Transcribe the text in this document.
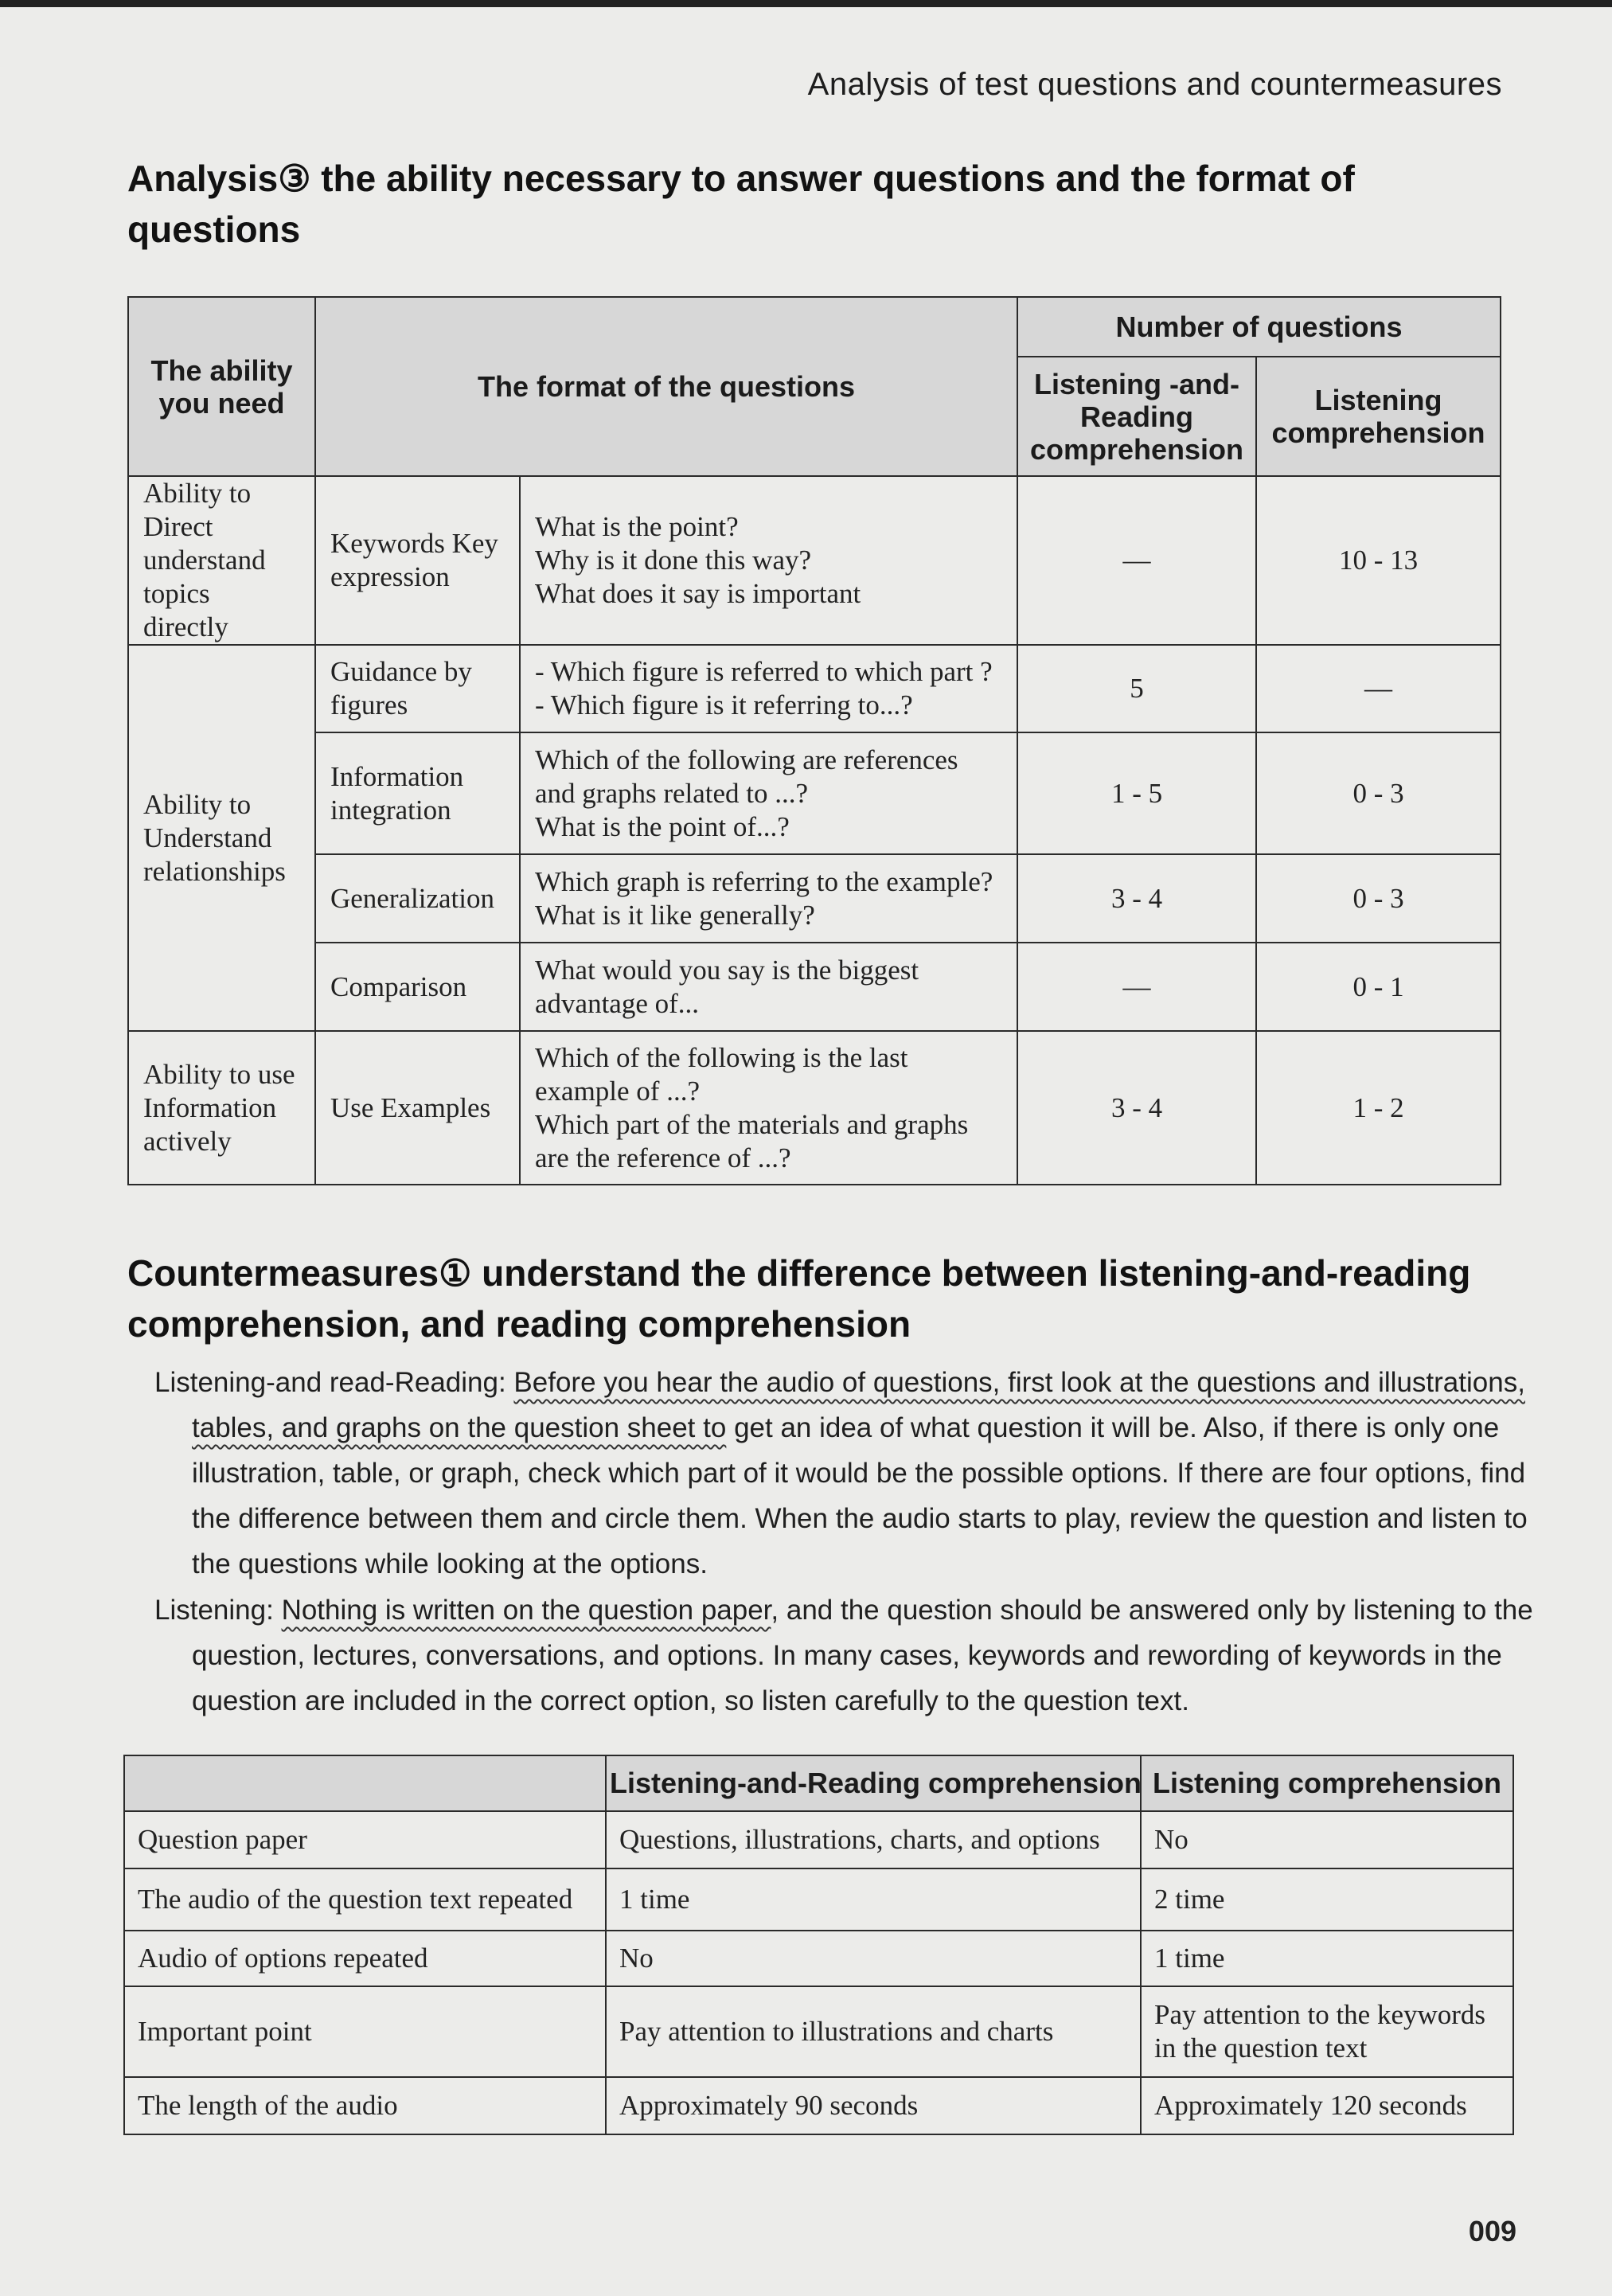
Analysis of test questions and countermeasures
Analysis③ the ability necessary to answer questions and the format of questions
The ability you need	The format of the questions		Number of questions	
			Listening -and- Reading comprehension	Listening comprehension
Ability to Direct understand topics directly	Keywords Key expression	What is the point?
Why is it done this way?
What does it say is important	—	10 - 13
Ability to Understand relationships	Guidance by figures	- Which figure is referred to which part ?
- Which figure is it referring to...?	5	—
	Information integration	Which of the following are references and graphs related to ...?
What is the point of...?	1 - 5	0 - 3
	Generalization	Which graph is referring to the example?
What is it like generally?	3 - 4	0 - 3
	Comparison	What would you say is the biggest advantage of...	—	0 - 1
Ability to use Information actively	Use Examples	Which of the following is the last example of ...?
Which part of the materials and graphs are the reference of ...?	3 - 4	1 - 2
Countermeasures① understand the difference between listening-and-reading comprehension, and reading comprehension
Listening-and read-Reading: Before you hear the audio of questions, first look at the questions and illustrations, tables, and graphs on the question sheet to get an idea of what question it will be. Also, if there is only one illustration, table, or graph, check which part of it would be the possible options. If there are four options, find the difference between them and circle them. When the audio starts to play, review the question and listen to the questions while looking at the options.
Listening: Nothing is written on the question paper, and the question should be answered only by listening to the question, lectures, conversations, and options. In many cases, keywords and rewording of keywords in the question are included in the correct option, so listen carefully to the question text.
	Listening-and-Reading comprehension	Listening comprehension
Question paper	Questions, illustrations, charts, and options	No
The audio of the question text repeated	1 time	2 time
Audio of options repeated	No	1 time
Important point	Pay attention to illustrations and charts	Pay attention to the keywords in the question text
The length of the audio	Approximately 90 seconds	Approximately 120 seconds
009
